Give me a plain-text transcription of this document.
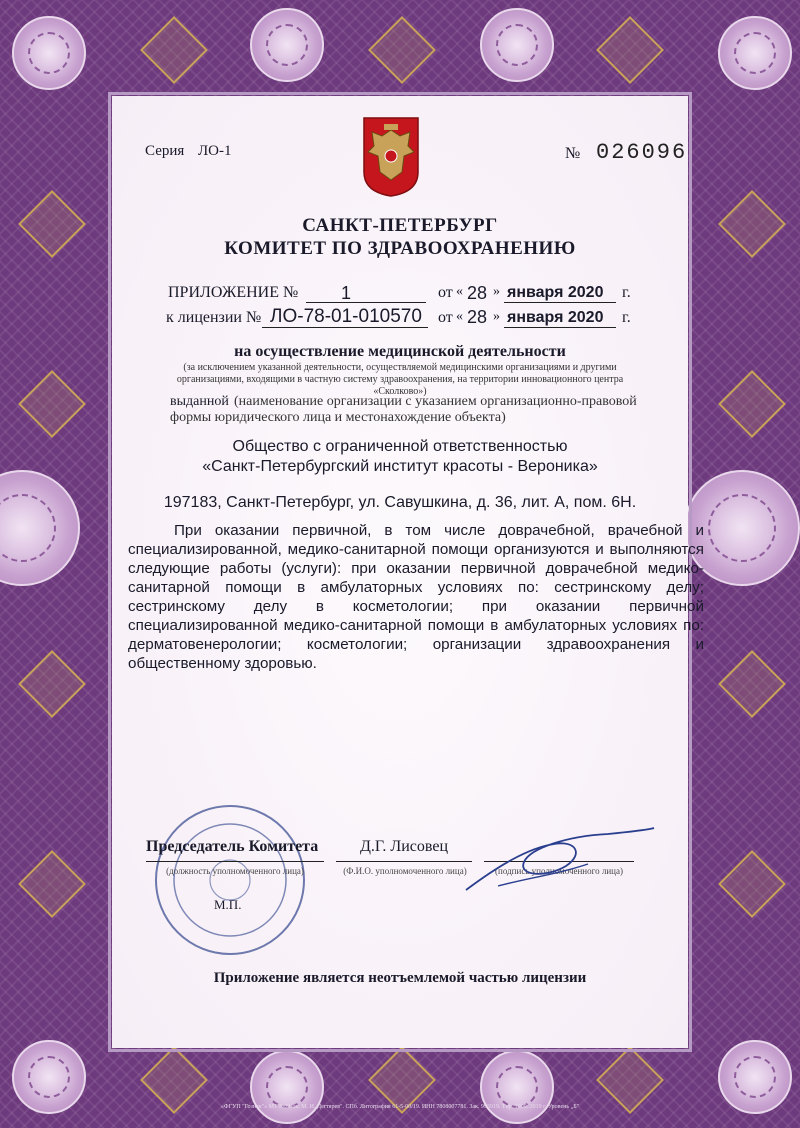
Серия ЛО-1	№ 026096
САНКТ-ПЕТЕРБУРГ
КОМИТЕТ ПО ЗДРАВООХРАНЕНИЮ
ПРИЛОЖЕНИЕ №	1	от « 28 » января 2020 г.
к лицензии № ЛО-78-01-010570 от « 28 » января 2020 г.
на осуществление медицинской деятельности
(за исключением указанной деятельности, осуществляемой медицинскими организациями и другими организациями, входящими в частную систему здравоохранения, на территории инновационного центра «Сколково»)
выданной (наименование организации с указанием организационно-правовой формы юридического лица и местонахождение объекта)
Общество с ограниченной ответственностью
«Санкт-Петербургский институт красоты - Вероника»
197183, Санкт-Петербург, ул. Савушкина, д. 36, лит. А, пом. 6Н.
При оказании первичной, в том числе доврачебной, врачебной и специализированной, медико-санитарной помощи организуются и выполняются следующие работы (услуги): при оказании первичной доврачебной медико-санитарной помощи в амбулаторных условиях по: сестринскому делу; сестринскому делу в косметологии; при оказании первичной специализированной медико-санитарной помощи в амбулаторных условиях по: дерматовенерологии; косметологии; организации здравоохранения и общественному здоровью.
Председатель Комитета	Д.Г. Лисовец
(должность уполномоченного лица)	(Ф.И.О. уполномоченного лица)	(подпись уполномоченного лица)
М.П.
Приложение является неотъемлемой частью лицензии
«ФГУП "Гознак"» МТ №21 ок. М. И. Дегтярев". СПб. Литография 61-5-00/19. ИНН 7808007781. Зак. 993919. Тир. 1000. 2019 г. Уровень „Б"
